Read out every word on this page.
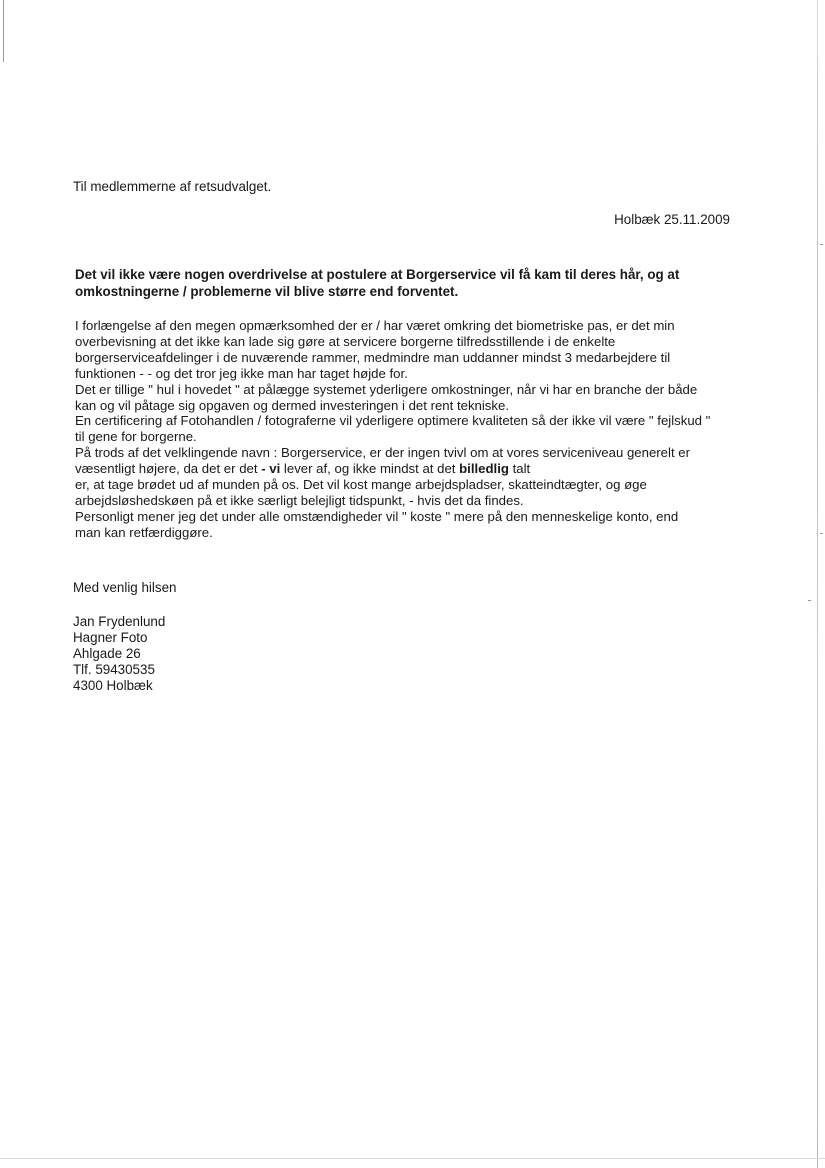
Til medlemmerne af retsudvalget.
Holbæk 25.11.2009
Det vil ikke være nogen overdrivelse at postulere at Borgerservice vil få kam til deres hår, og at omkostningerne / problemerne vil blive større end forventet.

I forlængelse af den megen opmærksomhed der er / har været omkring det biometriske pas, er det min

overbevisning at det ikke kan lade sig gøre at servicere borgerne tilfredsstillende i de enkelte

borgerserviceafdelinger i de nuværende rammer, medmindre man uddanner mindst 3 medarbejdere til

funktionen - - og det tror jeg ikke man har taget højde for.

Det er tillige " hul i hovedet " at pålægge systemet yderligere omkostninger, når vi har en branche der både

kan og vil påtage sig opgaven og dermed investeringen i det rent tekniske.

En certificering af Fotohandlen / fotograferne vil yderligere optimere kvaliteten så der ikke vil være " fejlskud "

til gene for borgerne.

På trods af det velklingende navn : Borgerservice, er der ingen tvivl om at vores serviceniveau generelt er

væsentligt højere, da det er det - vi lever af, og ikke mindst at det billedlig talt

er, at tage brødet ud af munden på os. Det vil kost mange arbejdspladser, skatteindtægter, og øge

arbejdsløshedskøen på et ikke særligt belejligt tidspunkt, - hvis det da findes.

Personligt mener jeg det under alle omstændigheder vil " koste " mere på den menneskelige konto, end

man kan retfærdiggøre.

Med venlig hilsen
Jan Frydenlund
Hagner Foto
Ahlgade 26
Tlf. 59430535
4300 Holbæk
